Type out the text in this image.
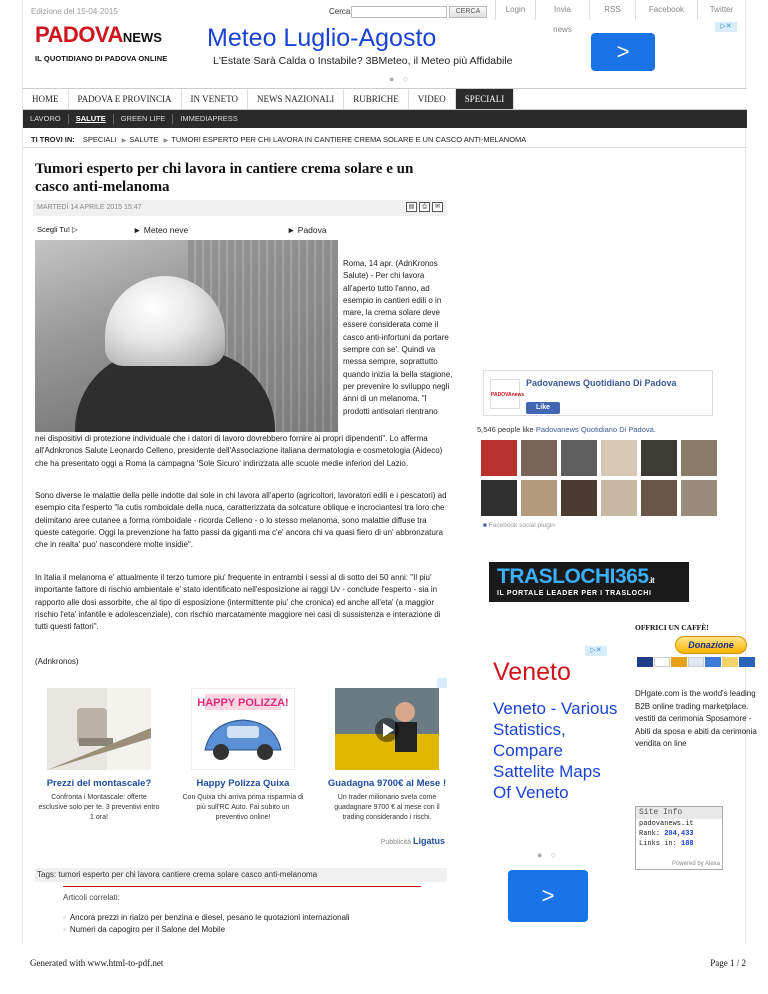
Edizione del 15-04-2015	Cerca	CERCA	Login	Invia news
RSS	Facebook	Twitter
PADOVANEWS
IL QUOTIDIANO DI PADOVA ONLINE
Meteo Luglio-Agosto
L'Estate Sarà Calda o Instabile? 3BMeteo, il Meteo più Affidabile	>
▷✕
● ○
HOME	PADOVA E PROVINCIA	IN VENETO	NEWS NAZIONALI	RUBRICHE	VIDEO	SPECIALI
LAVORO	SALUTE	GREEN LIFE	IMMEDIAPRESS
TI TROVI IN: SPECIALI ▶ SALUTE ▶ TUMORI ESPERTO PER CHI LAVORA IN CANTIERE CREMA SOLARE E UN CASCO ANTI-MELANOMA
Tumori esperto per chi lavora in cantiere crema solare e un casco anti-melanoma
MARTEDÌ 14 APRILE 2015 15:47	▤	⎙	✉
Scegli Tu! ▷	► Meteo neve	► Padova
Roma, 14 apr. (AdnKronos Salute) - Per chi lavora all'aperto tutto l'anno, ad esempio in cantieri edili o in mare, la crema solare deve essere considerata come il casco anti-infortuni da portare sempre con se'. Quindi va messa sempre, soprattutto quando inizia la bella stagione, per prevenire lo sviluppo negli anni di un melanoma. "I prodotti antisolari rientrano
nei dispositivi di protezione individuale che i datori di lavoro dovrebbero fornire ai propri dipendenti". Lo afferma all'Adnkronos Salute Leonardo Celleno, presidente dell'Associazione italiana dermatologia e cosmetologia (Aideco) che ha presentato oggi a Roma la campagna 'Sole Sicuro' indirizzata alle scuole medie inferiori del Lazio.
Sono diverse le malattie della pelle indotte dal sole in chi lavora all'aperto (agricoltori, lavoratori edili e i pescatori) ad esempio cita l'esperto "la cutis romboidale della nuca, caratterizzata da solcature oblique e incrociantesi tra loro che delimitano aree cutanee a forma romboidale - ricorda Celleno - o lo stesso melanoma, sono malattie diffuse tra queste categorie. Oggi la prevenzione ha fatto passi da giganti ma c'e' ancora chi va quasi fiero di un' abbronzatura che in realta' puo' nascondere molte insidie".
In Italia il melanoma e' attualmente il terzo tumore piu' frequente in entrambi i sessi al di sotto dei 50 anni: "Il piu' importante fattore di rischio ambientale e' stato identificato nell'esposizione ai raggi Uv - conclude l'esperto - sia in rapporto alle dosi assorbite, che al tipo di esposizione (intermittente piu' che cronica) ed anche all'eta' (a maggior rischio l'eta' infantile e adolescenziale), con rischio marcatamente maggiore nei casi di sussistenza e interazione di tutti questi fattori".
(Adnkronos)
Prezzi del montascale?
Confronta i Montascale: offerte esclusive solo per te. 3 preventivi entro 1 ora!
HAPPY POLIZZA!
Happy Polizza Quixa
Con Quixa chi arriva prima risparmia di più sull'RC Auto. Fai subito un preventivo online!
Guadagna 9700€ al Mese !
Un trader milionario svela come guadagnare 9700 € al mese con il trading considerando i rischi.
Pubblicità Ligatus
Tags: tumori esperto per chi lavora cantiere crema solare casco anti-melanoma
Articoli correlati:
◦ Ancora prezzi in rialzo per benzina e diesel, pesano le quotazioni internazionali
◦ Numeri da capogiro per il Salone del Mobile
PADOVAnews
Padovanews Quotidiano Di Padova
Like
5,546 people like Padovanews Quotidiano Di Padova.
■ Facebook social plugin
TRASLOCHI365.it
IL PORTALE LEADER PER I TRASLOCHI
▷✕
Veneto
Veneto - Various Statistics, Compare Sattelite Maps Of Veneto
● ○
>
OFFRICI UN CAFFÈ!
Donazione
DHgate.com is the world's leading B2B online trading marketplace. vestiti da cerimonia Sposamore - Abiti da sposa e abiti da cerimonia vendita on line
Site Info
padovanews.it
Rank: 204,433
Links in: 188
Powered by Alexa
Generated with www.html-to-pdf.net	Page 1 / 2
